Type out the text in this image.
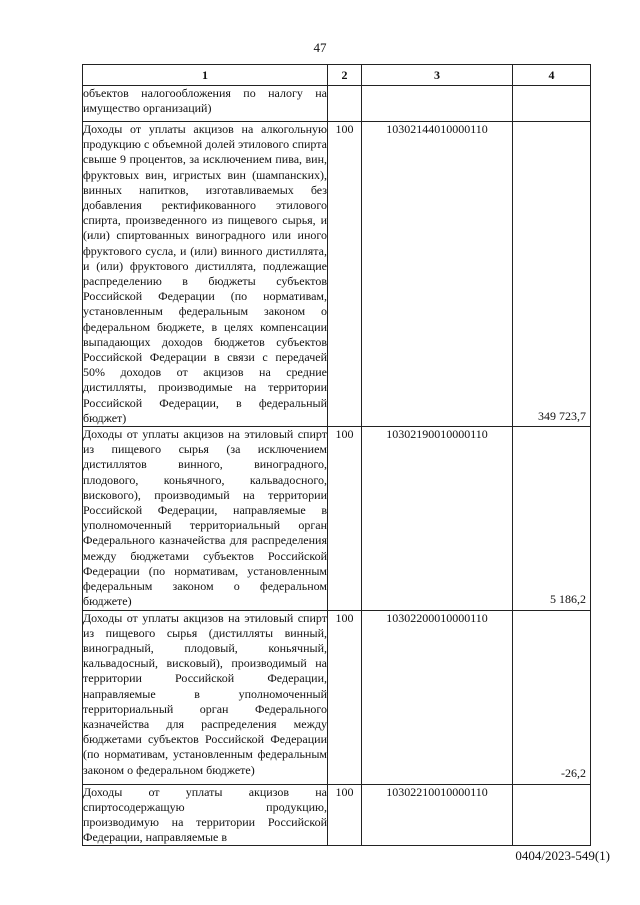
47
1	2	3	4
объектов налогообложения по налогу на имущество организаций)			

Доходы от уплаты акцизов на алкогольную продукцию с объемной долей этилового спирта свыше 9 процентов, за исключением пива, вин, фруктовых вин, игристых вин (шампанских), винных напитков, изготавливаемых без добавления ректификованного этилового спирта, произведенного из пищевого сырья, и (или) спиртованных виноградного или иного фруктового сусла, и (или) винного дистиллята, и (или) фруктового дистиллята, подлежащие распределению в бюджеты субъектов Российской Федерации (по нормативам, установленным федеральным законом о федеральном бюджете, в целях компенсации выпадающих доходов бюджетов субъектов Российской Федерации в связи с передачей 50% доходов от акцизов на средние дистилляты, производимые на территории Российской Федерации, в федеральный бюджет)	100	10302144010000110	349 723,7

Доходы от уплаты акцизов на этиловый спирт из пищевого сырья (за исключением дистиллятов винного, виноградного, плодового, коньячного, кальвадосного, вискового), производимый на территории Российской Федерации, направляемые в уполномоченный территориальный орган Федерального казначейства для распределения между бюджетами субъектов Российской Федерации (по нормативам, установленным федеральным законом о федеральном бюджете)	100	10302190010000110	5 186,2

Доходы от уплаты акцизов на этиловый спирт из пищевого сырья (дистилляты винный, виноградный, плодовый, коньячный, кальвадосный, вискoвый), производимый на территории Российской Федерации, направляемые в уполномоченный территориальный орган Федерального казначейства для распределения между бюджетами субъектов Российской Федерации (по нормативам, установленным федеральным законом о федеральном бюджете)	100	10302200010000110	-26,2

Доходы от уплаты акцизов на спиртосодержащую продукцию, производимую на территории Российской Федерации, направляемые в	100	10302210010000110	
0404/2023-549(1)
